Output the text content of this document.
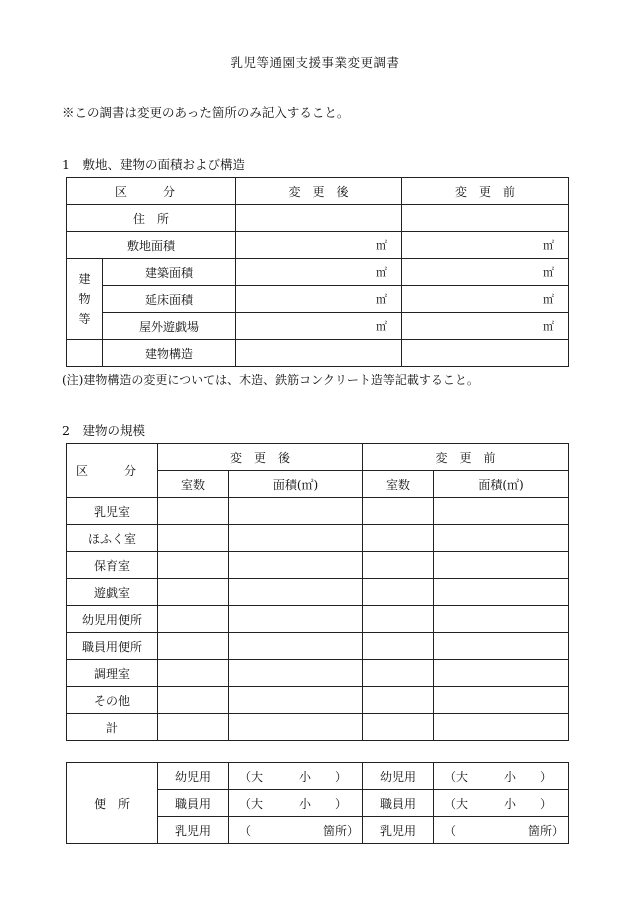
乳児等通園支援事業変更調書
※この調書は変更のあった箇所のみ記入すること。
1　敷地、建物の面積および構造
区　分		変　更　後	変　更　前
住　所			
敷地面積		㎡	㎡
建物等	建築面積	㎡	㎡
	延床面積	㎡	㎡
	屋外遊戯場	㎡	㎡
	建物構造		
(注)建物構造の変更については、木造、鉄筋コンクリート造等記載すること。
2　建物の規模
区　分	変　更　後		変　更　前	
	室数	面積(㎡)	室数	面積(㎡)
乳児室				
ほふく室				
保育室				
遊戯室				
幼児用便所				
職員用便所				
調理室				
その他				
計				
便　所	幼児用	（大　　　小　　）	幼児用	（大　　　小　　）
	職員用	（大　　　小　　）	職員用	（大　　　小　　）
	乳児用	（　　　　　　箇所）	乳児用	（　　　　　　箇所）
